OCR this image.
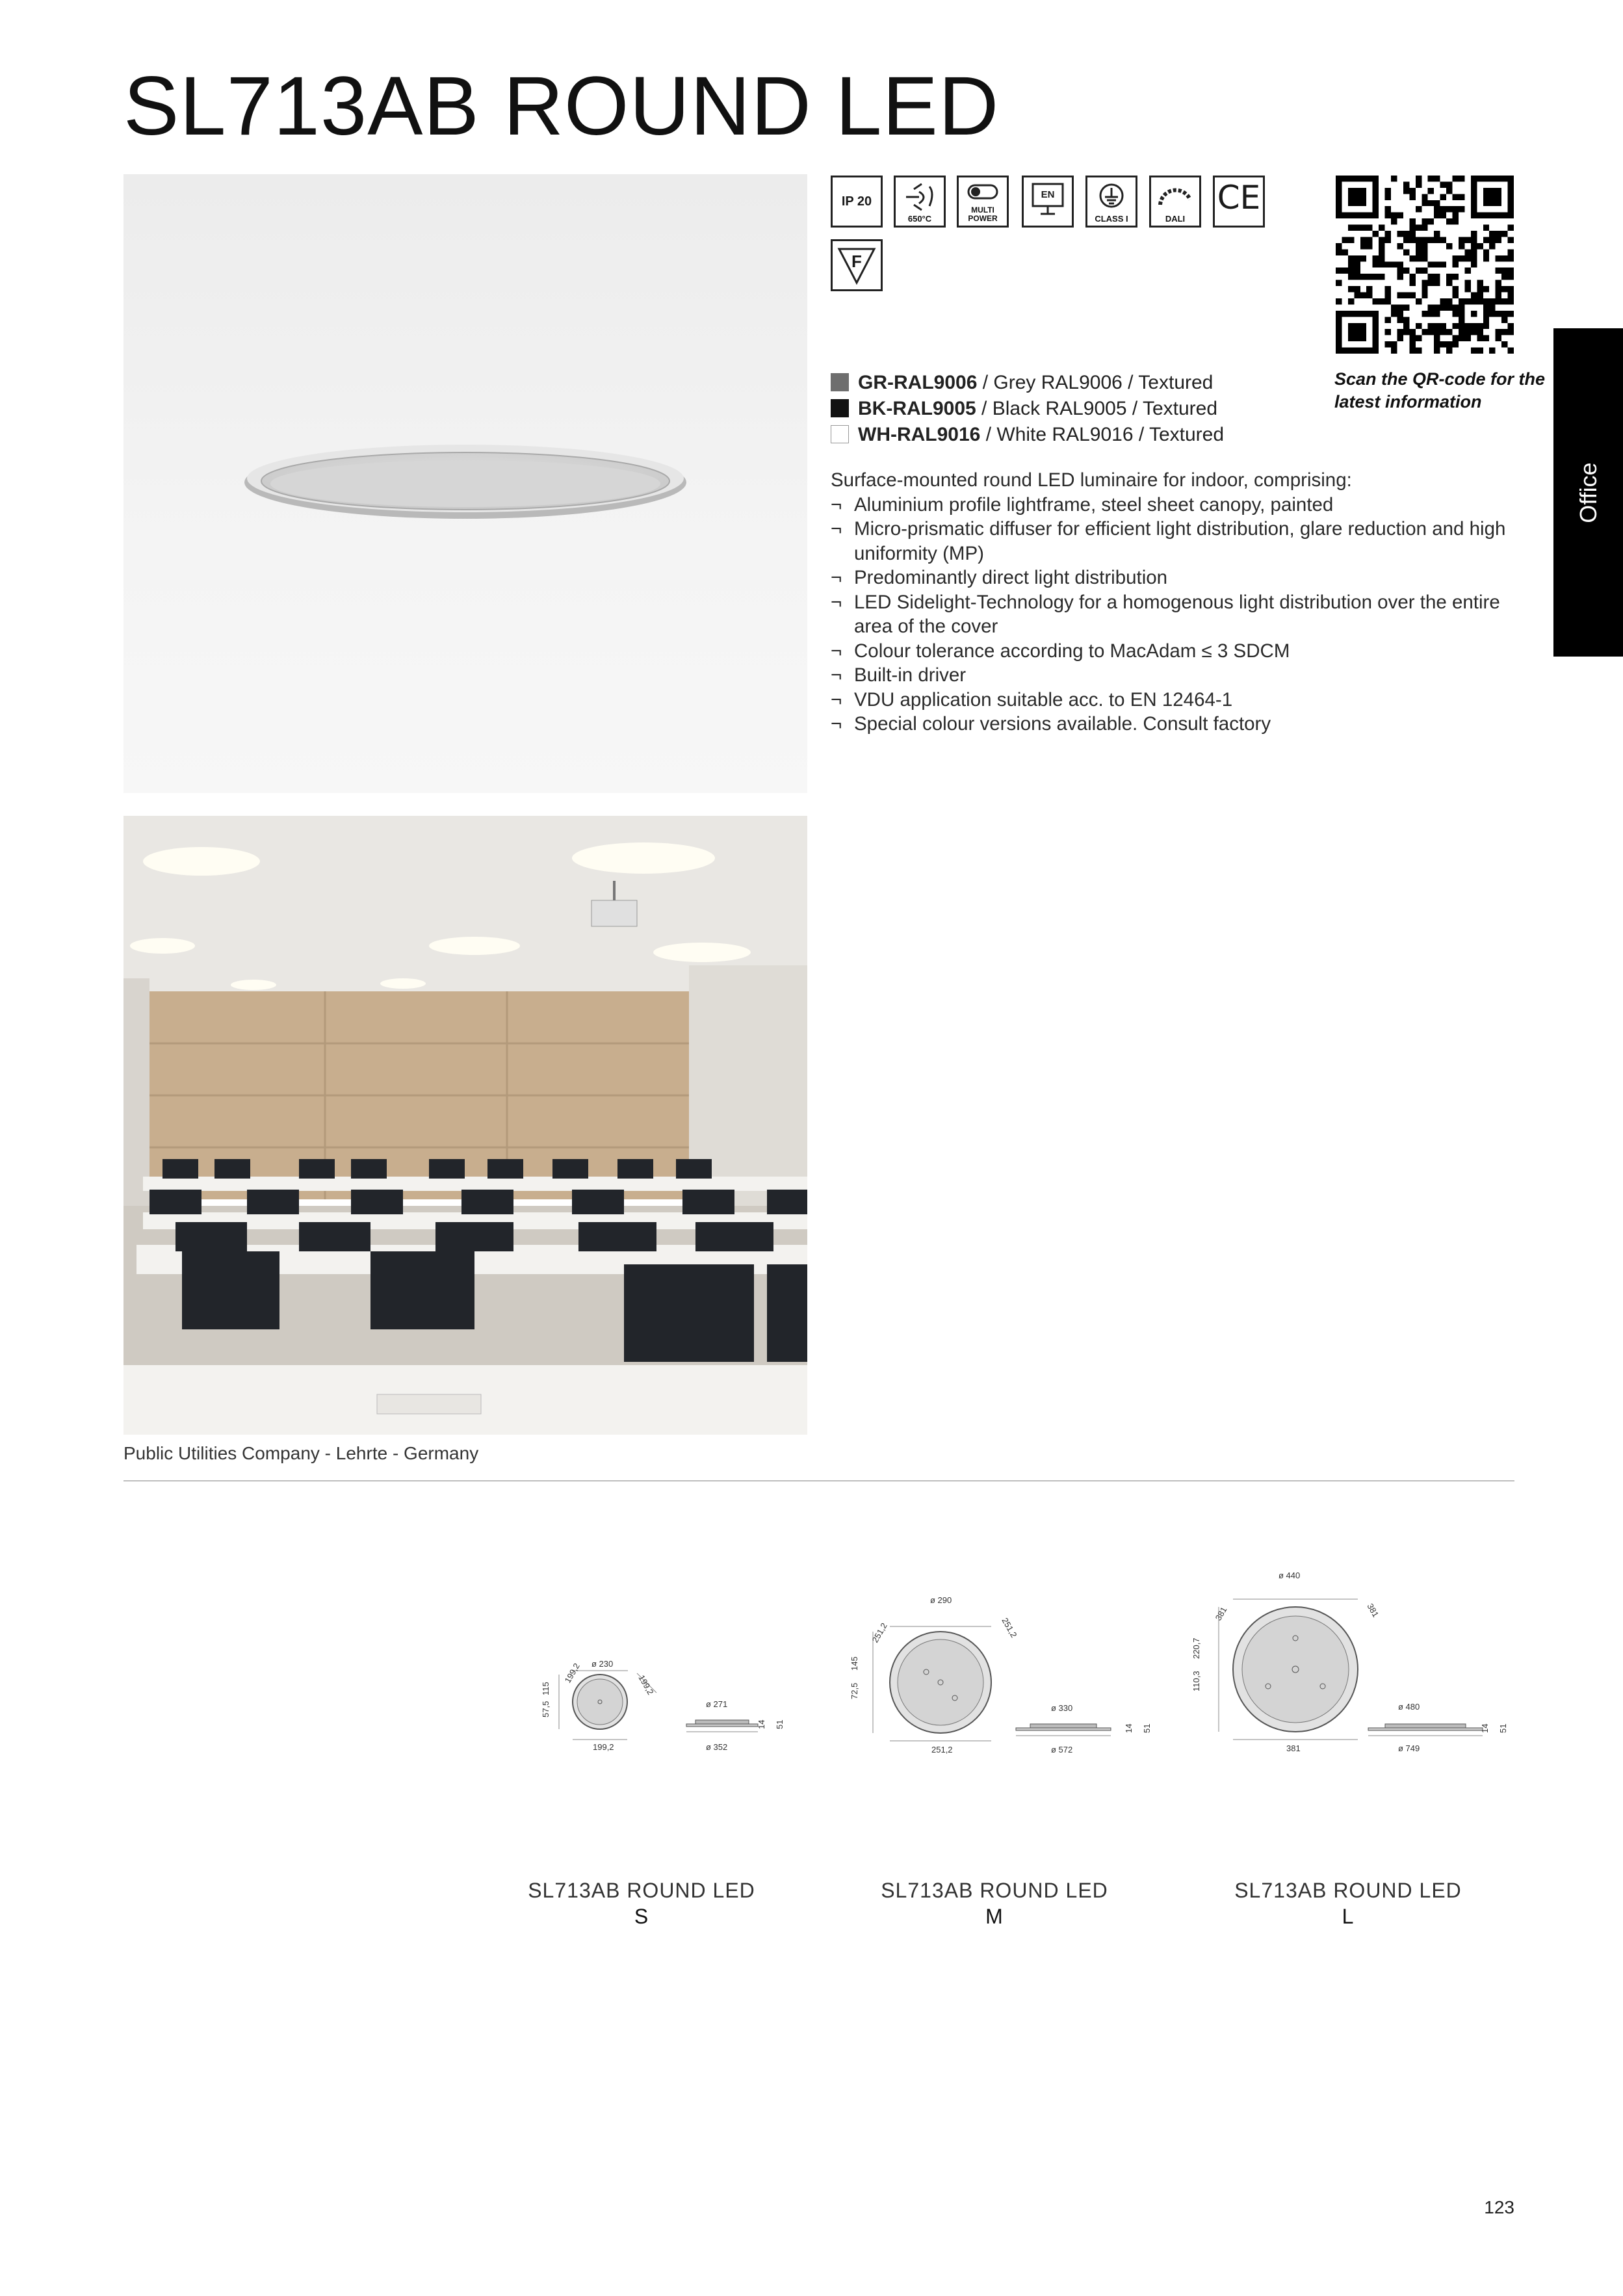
SL713AB ROUND LED
Public Utilities Company - Lehrte - Germany
IP 20
650°C
MULTI POWER
EN
CLASS I	DALI
CE
F
Scan the QR-code for the latest information
Office
GR-RAL9006 / Grey RAL9006 / Textured
BK-RAL9005 / Black RAL9005 / Textured
WH-RAL9016 / White RAL9016 / Textured
Surface-mounted round LED luminaire for indoor, comprising:
¬ Aluminium profile lightframe, steel sheet canopy, painted
¬ Micro-prismatic diffuser for efficient light distribution, glare reduction and high uniformity (MP)
¬ Predominantly direct light distribution
¬ LED Sidelight-Technology for a homogenous light distribution over the entire area of the cover
¬ Colour tolerance according to MacAdam ≤ 3 SDCM
¬ Built-in driver
¬ VDU application suitable acc. to EN 12464-1
¬ Special colour versions available. Consult factory
ø 230
199,2
199,2
57,5
115
199,2
ø 271
ø 352
14 51
ø 290
251,2	251,2
72,5
145
251,2
ø 330
ø 572
14 51
ø 440
381	381
110,3
220,7
381
ø 480
ø 749
14 51
SL713AB ROUND LED
S
SL713AB ROUND LED
M
SL713AB ROUND LED
L
123
